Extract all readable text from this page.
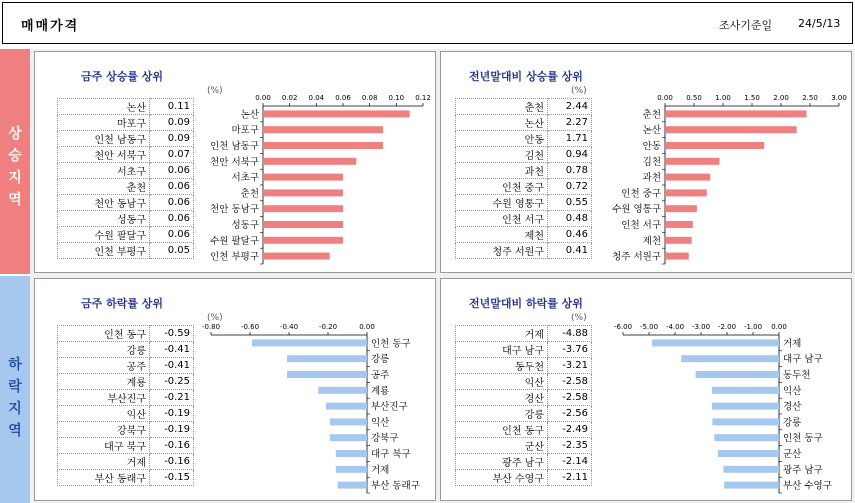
매매가격	조사기준일 24/5/13
상
승
지
역
하
락
지
역
금주 상승률 상위
(%)
논산	0.11
마포구	0.09
인천 남동구	0.09
천안 서북구	0.07
서초구	0.06
춘천	0.06
천안 동남구	0.06
성동구	0.06
수원 팔달구	0.06
인천 부평구	0.05
0.00 0.02 0.04 0.06 0.08 0.10 0.12
논산
마포구
인천 남동구
천안 서북구
서초구
춘천
천안 동남구
성동구
수원 팔달구
인천 부평구
전년말대비 상승률 상위
(%)
춘천	2.44
논산	2.27
안동	1.71
김천	0.94
과천	0.78
인천 중구	0.72
수원 영통구	0.55
인천 서구	0.48
제천	0.46
청주 서원구	0.41
0.00 0.50 1.00 1.50 2.00 2.50 3.00
춘천
논산
안동
김천
과천
인천 중구
수원 영통구
인천 서구
제천
청주 서원구
금주 하락률 상위
(%)
인천 동구	-0.59
강릉	-0.41
공주	-0.41
계룡	-0.25
부산진구	-0.21
익산	-0.19
강북구	-0.19
대구 북구	-0.16
거제	-0.16
부산 동래구	-0.15
-0.80	-0.60	-0.40	-0.20	0.00
인천 동구
강릉
공주
계룡
부산진구
익산
강북구
대구 북구
거제
부산 동래구
전년말대비 하락률 상위
(%)
거제	-4.88
대구 남구	-3.76
동두천	-3.21
익산	-2.58
경산	-2.58
강릉	-2.56
인천 동구	-2.49
군산	-2.35
광주 남구	-2.14
부산 수영구	-2.11
-6.00 -5.00 -4.00 -3.00 -2.00 -1.00 0.00
거제
대구 남구
동두천
익산
경산
강릉
인천 동구
군산
광주 남구
부산 수영구
